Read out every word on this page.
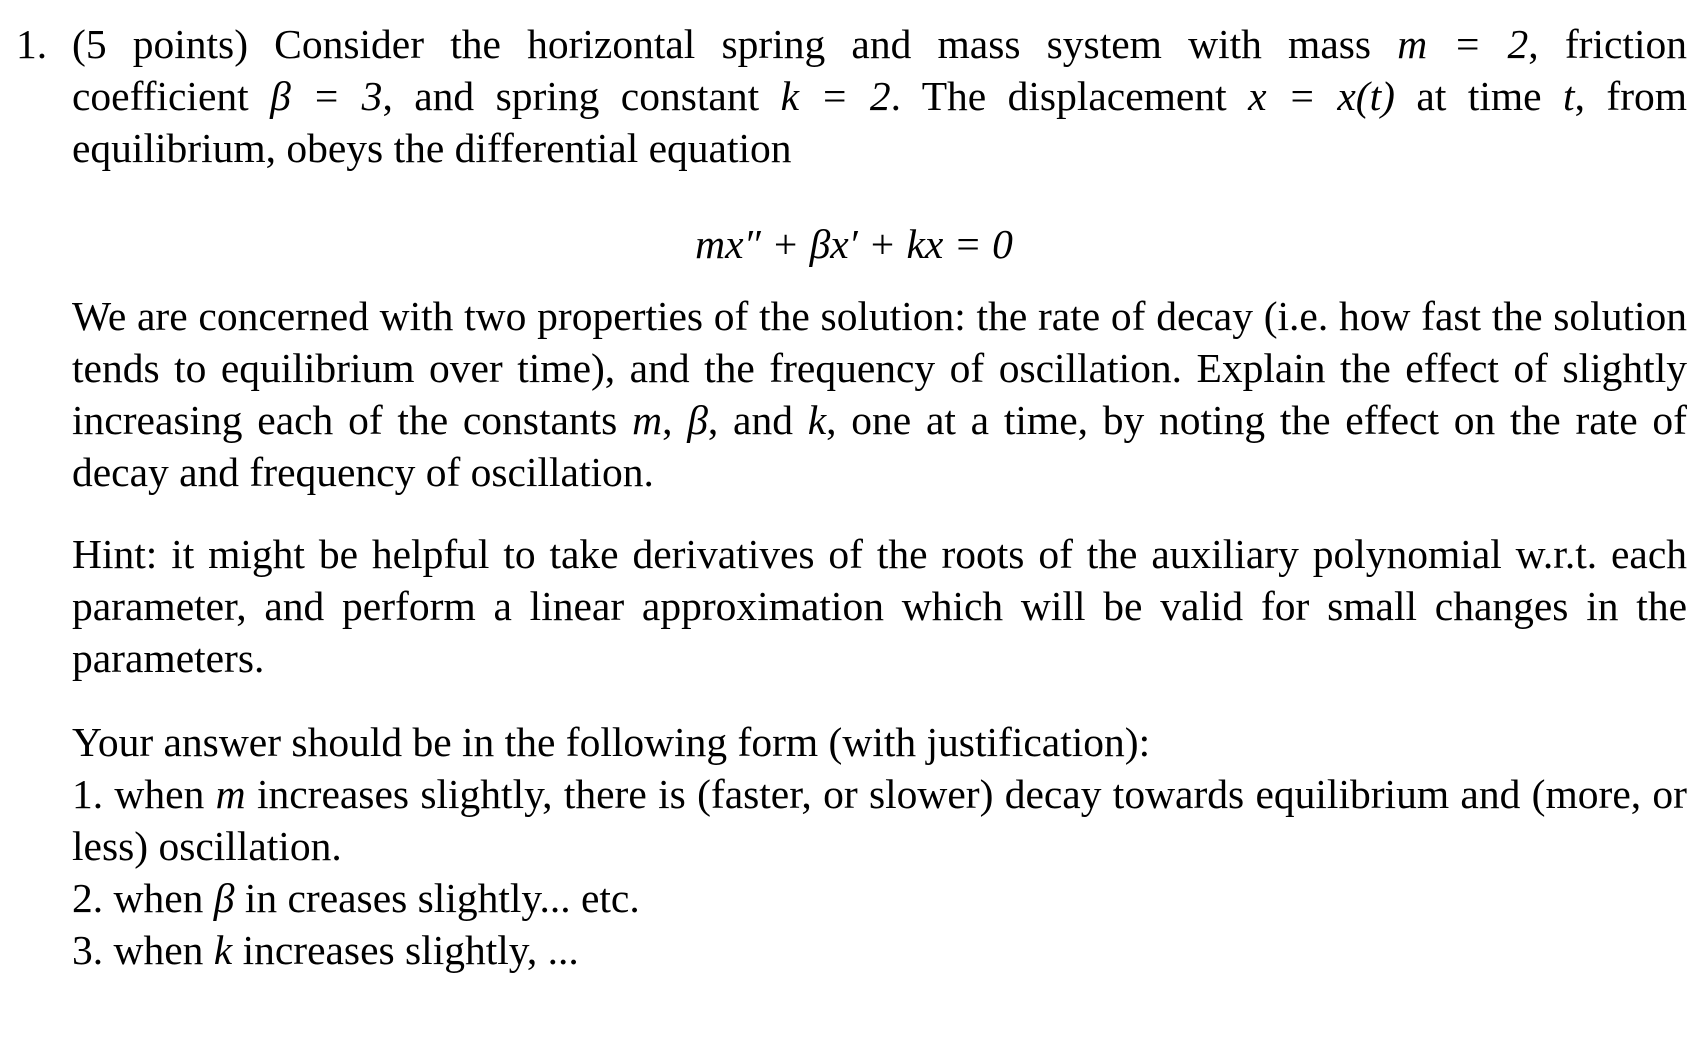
1. (5 points) Consider the horizontal spring and mass system with mass m = 2, friction
coefficient β = 3, and spring constant k = 2. The displacement x = x(t) at time t, from
equilibrium, obeys the differential equation
mx″ + βx′ + kx = 0
We are concerned with two properties of the solution: the rate of decay (i.e. how fast the solution tends to equilibrium over time), and the frequency of oscillation. Explain the effect of slightly increasing each of the constants m, β, and k, one at a time, by noting the effect on the rate of decay and frequency of oscillation.
Hint: it might be helpful to take derivatives of the roots of the auxiliary polynomial w.r.t. each parameter, and perform a linear approximation which will be valid for small changes in the parameters.
Your answer should be in the following form (with justification):
1. when m increases slightly, there is (faster, or slower) decay towards equilibrium and (more, or less) oscillation.
2. when β in creases slightly... etc.
3. when k increases slightly, ...
